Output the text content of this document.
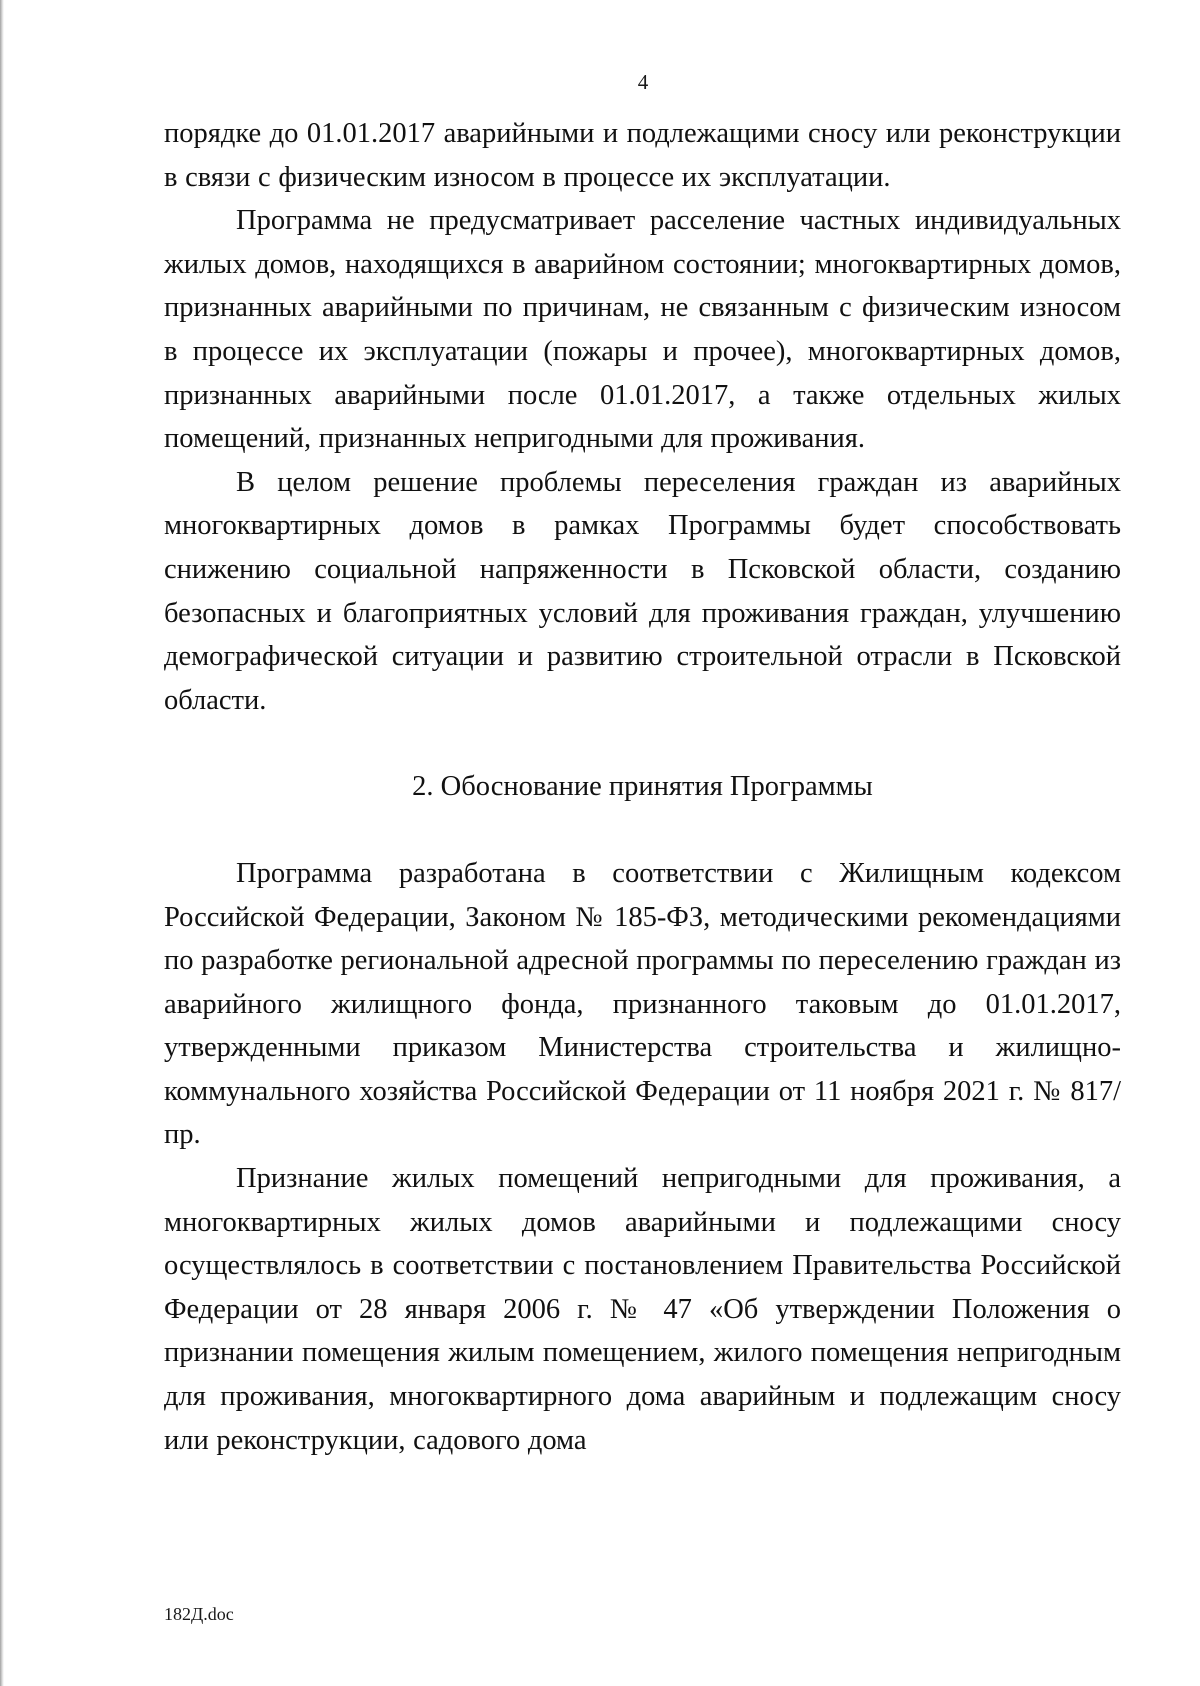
4

порядке до 01.01.2017 аварийными и подлежащими сносу или реконструкции в связи с физическим износом в процессе их эксплуатации.

Программа не предусматривает расселение частных индивидуальных жилых домов, находящихся в аварийном состоянии; многоквартирных домов, признанных аварийными по причинам, не связанным с физическим износом в процессе их эксплуатации (пожары и прочее), многоквартирных домов, признанных аварийными после 01.01.2017, а также отдельных жилых помещений, признанных непригодными для проживания.

В целом решение проблемы переселения граждан из аварийных многоквартирных домов в рамках Программы будет способствовать снижению социальной напряженности в Псковской области, созданию безопасных и благоприятных условий для проживания граждан, улучшению демографической ситуации и развитию строительной отрасли в Псковской области.

2. Обоснование принятия Программы

Программа разработана в соответствии с Жилищным кодексом Российской Федерации, Законом № 185-ФЗ, методическими рекомендациями по разработке региональной адресной программы по переселению граждан из аварийного жилищного фонда, признанного таковым до 01.01.2017, утвержденными приказом Министерства строительства и жилищно-коммунального хозяйства Российской Федерации от 11 ноября 2021 г. № 817/пр.

Признание жилых помещений непригодными для проживания, а многоквартирных жилых домов аварийными и подлежащими сносу осуществлялось в соответствии с постановлением Правительства Российской Федерации от 28 января 2006 г. № 47 «Об утверждении Положения о признании помещения жилым помещением, жилого помещения непригодным для проживания, многоквартирного дома аварийным и подлежащим сносу или реконструкции, садового дома

182Д.doc
